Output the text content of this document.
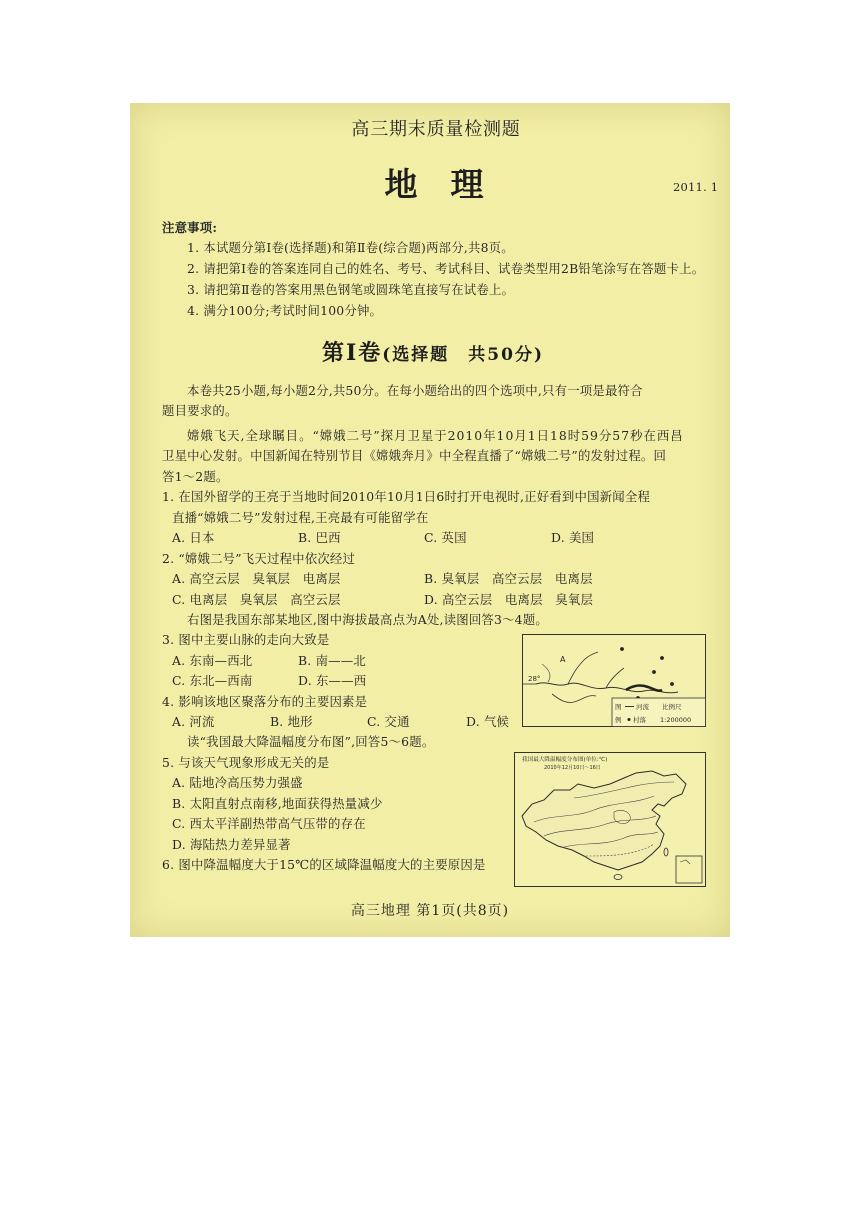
高三期末质量检测题
地　理	2011. 1
注意事项:
1. 本试题分第Ⅰ卷(选择题)和第Ⅱ卷(综合题)两部分,共8页。
2. 请把第Ⅰ卷的答案连同自己的姓名、考号、考试科目、试卷类型用2B铅笔涂写在答题卡上。
3. 请把第Ⅱ卷的答案用黑色钢笔或圆珠笔直接写在试卷上。
4. 满分100分;考试时间100分钟。
第Ⅰ卷(选择题　共50分)
本卷共25小题,每小题2分,共50分。在每小题给出的四个选项中,只有一项是最符合
题目要求的。
嫦娥飞天,全球瞩目。“嫦娥二号”探月卫星于2010年10月1日18时59分57秒在西昌
卫星中心发射。中国新闻在特别节目《嫦娥奔月》中全程直播了“嫦娥二号”的发射过程。回
答1～2题。
1. 在国外留学的王亮于当地时间2010年10月1日6时打开电视时,正好看到中国新闻全程
直播“嫦娥二号”发射过程,王亮最有可能留学在
A. 日本	B. 巴西	C. 英国	D. 美国
2. “嫦娥二号”飞天过程中依次经过
A. 高空云层　臭氧层　电离层	B. 臭氧层　高空云层　电离层
C. 电离层　臭氧层　高空云层	D. 高空云层　电离层　臭氧层
右图是我国东部某地区,图中海拔最高点为A处,读图回答3～4题。
3. 图中主要山脉的走向大致是
A. 东南—西北	B. 南——北
C. 东北—西南	D. 东——西
4. 影响该地区聚落分布的主要因素是
A. 河流	B. 地形	C. 交通	D. 气候
读“我国最大降温幅度分布图”,回答5～6题。
5. 与该天气现象形成无关的是
A. 陆地冷高压势力强盛
B. 太阳直射点南移,地面获得热量减少
C. 西太平洋副热带高气压带的存在
D. 海陆热力差异显著
6. 图中降温幅度大于15℃的区域降温幅度大的主要原因是
28°
A
图
例
河流 比例尺
村落 1:200000
我国最大降温幅度分布图(单位:℃)
2010年12月10日～16日
高三地理 第1页(共8页)
